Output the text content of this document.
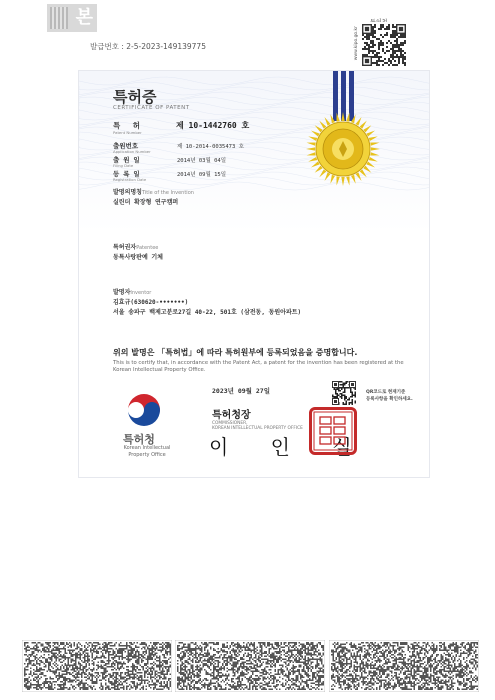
본
발급번호 : 2-5-2023-149139775	www.kipo.go.kr
특허증
CERTIFICATE OF PATENT
특 허
Patent Number
제 10-1442760 호
출원번호
Application Number
제 10-2014-0035473 호
출 원 일
Filing Date
2014년 03월 04일
등 록 일
Registration Date
2014년 09월 15일
발명의명칭Title of the Invention
실린더 확장형 연구캠퍼
특허권자Patentee
동특사랑판예 기체
발명자Inventor
김효규(630620-•••••••)
서울 송파구 백제고분로27길 40-22, 501호 (삼전동, 동원아파트)
위의 발명은 「특허법」에 따라 특허원부에 등록되었음을 증명합니다.
This is to certify that, in accordance with the Patent Act, a patent for the invention has been registered at the Korean Intellectual Property Office.
2023년 09월 27일	QR코드로 현재기준
등록사항을 확인하세요.
특허청
Korean Intellectual
Property Office
특허청장
COMMISSIONER,
KOREAN INTELLECTUAL PROPERTY OFFICE
이 인 실
